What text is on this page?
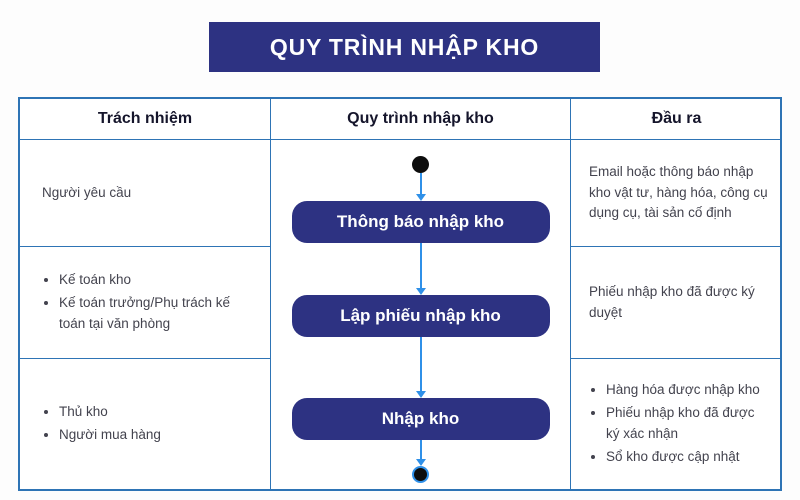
QUY TRÌNH NHẬP KHO
Trách nhiệm	Quy trình nhập kho	Đầu ra
Người yêu cầu
Thông báo nhập kho
Lập phiếu nhập kho
Nhập kho
Email hoặc thông báo nhập kho vật tư, hàng hóa, công cụ dụng cụ, tài sản cố định
• Kế toán kho
• Kế toán trưởng/Phụ trách kế toán tại văn phòng
Phiếu nhập kho đã được ký duyệt
• Thủ kho
• Người mua hàng
• Hàng hóa được nhập kho
• Phiếu nhập kho đã được ký xác nhận
• Sổ kho được cập nhật
